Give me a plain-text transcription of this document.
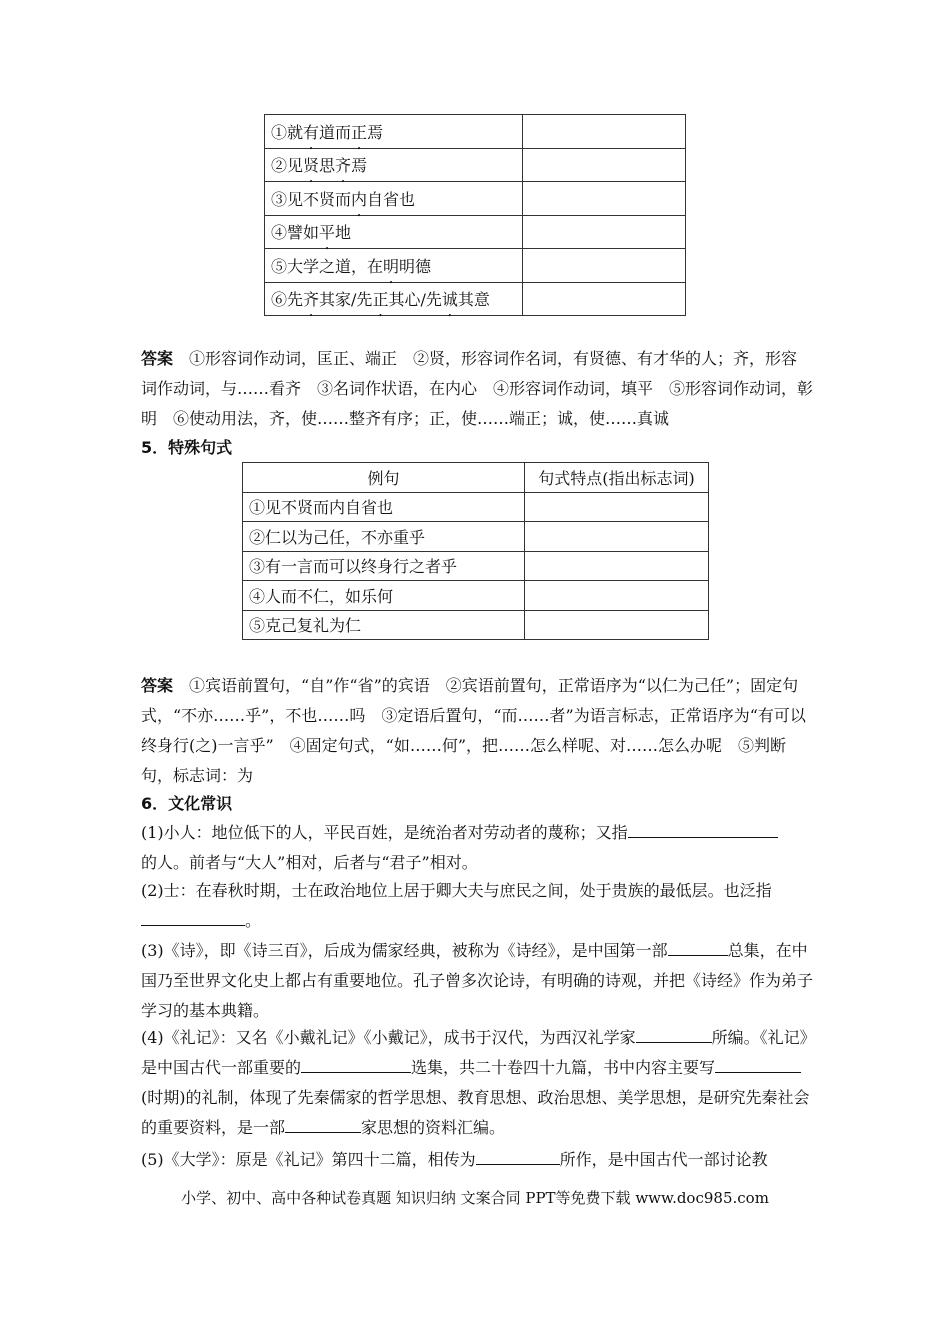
①就有道而正焉	
②见贤思齐焉	
③见不贤而内自省也	
④譬如平地	
⑤大学之道，在明明德	
⑥先齐其家/先正其心/先诚其意	
答案　 ①形容词作动词，匡正、端正　②贤，形容词作名词，有贤德、有才华的人；齐，形容词作动词，与……看齐　③名词作状语，在内心　④形容词作动词，填平　⑤形容词作动词，彰明　⑥使动用法，齐，使……整齐有序；正，使……端正；诚，使……真诚
5．特殊句式
例句	句式特点(指出标志词)
①见不贤而内自省也	
②仁以为己任，不亦重乎	
③有一言而可以终身行之者乎	
④人而不仁，如乐何	
⑤克己复礼为仁	
答案　 ①宾语前置句，“自”作“省”的宾语　②宾语前置句，正常语序为“以仁为己任”；固定句式，“不亦……乎”，不也……吗　③定语后置句，“而……者”为语言标志，正常语序为“有可以终身行(之)一言乎”　④固定句式，“如……何”，把……怎么样呢、对……怎么办呢　⑤判断句，标志词：为
6．文化常识
(1)小人：地位低下的人，平民百姓，是统治者对劳动者的蔑称；又指
的人。前者与“大人”相对，后者与“君子”相对。
(2)士：在春秋时期，士在政治地位上居于卿大夫与庶民之间，处于贵族的最低层。也泛指
。
(3)《诗》，即《诗三百》，后成为儒家经典，被称为《诗经》，是中国第一部	总集，在中国乃至世界文化史上都占有重要地位。孔子曾多次论诗，有明确的诗观，并把《诗经》作为弟子学习的基本典籍。
(4)《礼记》：又名《小戴礼记》《小戴记》，成书于汉代，为西汉礼学家	所编。《礼记》是中国古代一部重要的	选集，共二十卷四十九篇，书中内容主要写(时期)的礼制，体现了先秦儒家的哲学思想、教育思想、政治思想、美学思想，是研究先秦社会的重要资料，是一部	家思想的资料汇编。
(5)《大学》：原是《礼记》第四十二篇，相传为	所作，是中国古代一部讨论教
小学、初中、高中各种试卷真题 知识归纳 文案合同 PPT等免费下载 www.doc985.com
